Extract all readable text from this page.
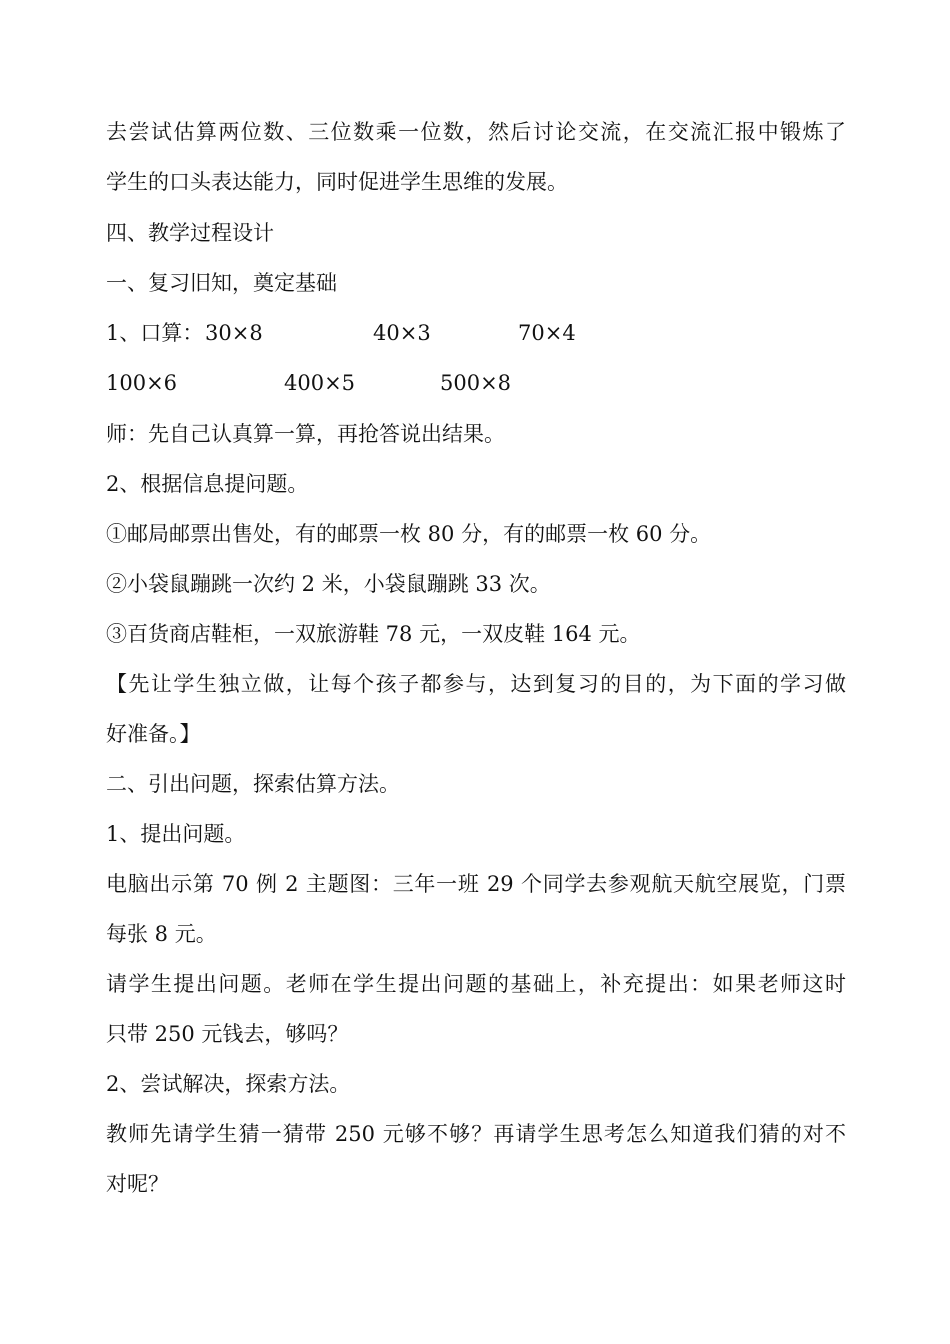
去尝试估算两位数、三位数乘一位数，然后讨论交流，在交流汇报中锻炼了
学生的口头表达能力，同时促进学生思维的发展。
四、教学过程设计
一、复习旧知，奠定基础
1、口算： 30×8	40×3	70×4
100×6	400×5	500×8
师：先自己认真算一算，再抢答说出结果。
2、根据信息提问题。
①邮局邮票出售处，有的邮票一枚 80 分，有的邮票一枚 60 分。
②小袋鼠蹦跳一次约 2 米，小袋鼠蹦跳 33 次。
③百货商店鞋柜，一双旅游鞋 78 元，一双皮鞋 164 元。
【先让学生独立做，让每个孩子都参与，达到复习的目的，为下面的学习做
好准备。】
二、引出问题，探索估算方法。
1、提出问题。
电脑出示第 70 例 2 主题图：三年一班 29 个同学去参观航天航空展览，门票
每张 8 元。
请学生提出问题。老师在学生提出问题的基础上，补充提出：如果老师这时
只带 250 元钱去，够吗？
2、尝试解决，探索方法。
教师先请学生猜一猜带 250 元够不够？再请学生思考怎么知道我们猜的对不
对呢？
